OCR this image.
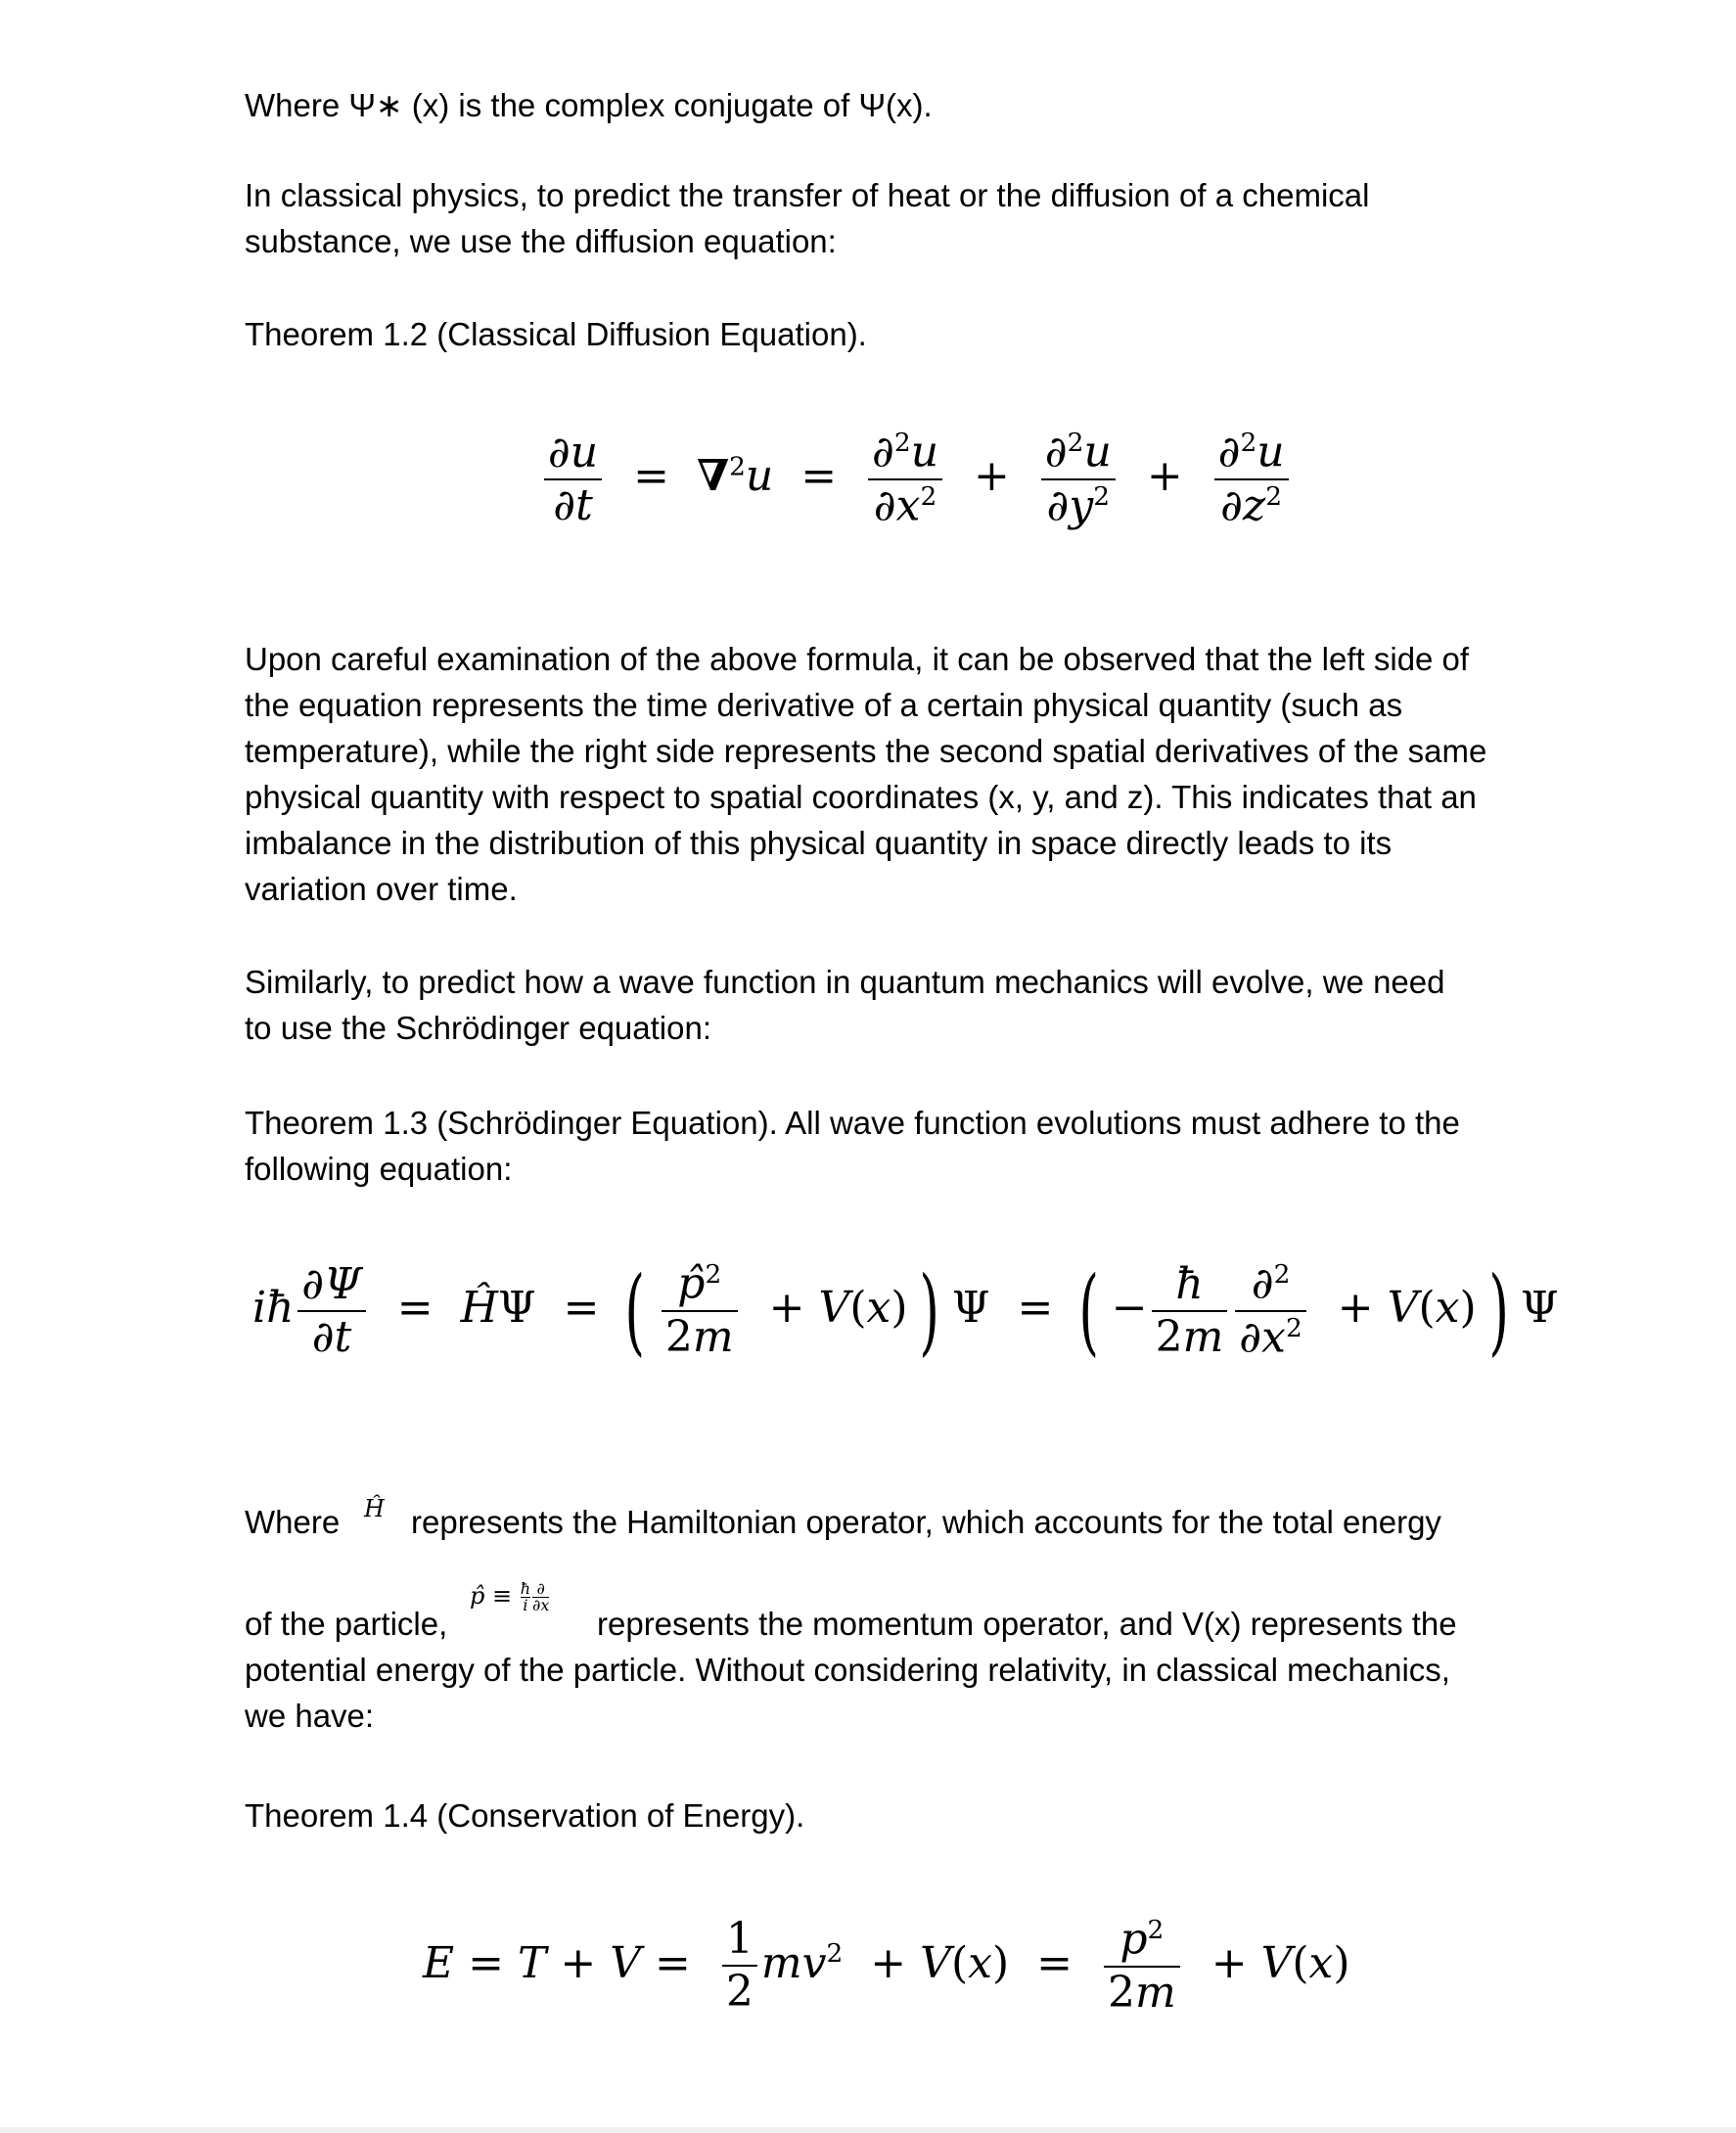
Where Ψ∗ (x) is the complex conjugate of Ψ(x).

In classical physics, to predict the transfer of heat or the diffusion of a chemical substance, we use the diffusion equation:

Theorem 1.2 (Classical Diffusion Equation).

$\frac{\partial u}{\partial t} = \nabla^2u = \frac{\partial^2u}{\partial x^2} + \frac{\partial^2u}{\partial y^2} + \frac{\partial^2u}{\partial z^2}$

Upon careful examination of the above formula, it can be observed that the left side of the equation represents the time derivative of a certain physical quantity (such as temperature), while the right side represents the second spatial derivatives of the same physical quantity with respect to spatial coordinates (x, y, and z). This indicates that an imbalance in the distribution of this physical quantity in space directly leads to its variation over time.

Similarly, to predict how a wave function in quantum mechanics will evolve, we need to use the Schrödinger equation:

Theorem 1.3 (Schrödinger Equation). All wave function evolutions must adhere to the following equation:

iħ $\frac{\partial\Psi}{\partial t}$ = ĤΨ = ( $\frac{p̂^2}{2m} + V(x)$ ) Ψ = ( − $\frac{ħ}{2m} \frac{\partial^2}{\partial x^2} + V(x)$ ) Ψ

Where Ĥ represents the Hamiltonian operator, which accounts for the total energy

of the particle,

p̂ ≡ $\frac{ħ}{i} \frac{\partial}{\partial x}$

represents the momentum operator, and V(x) represents the potential energy of the particle. Without considering relativity, in classical mechanics, we have:

Theorem 1.4 (Conservation of Energy).

$E = T + V = \frac{1}{2} mv^2 + V(x) = \frac{p^2}{2m} + V(x)$
